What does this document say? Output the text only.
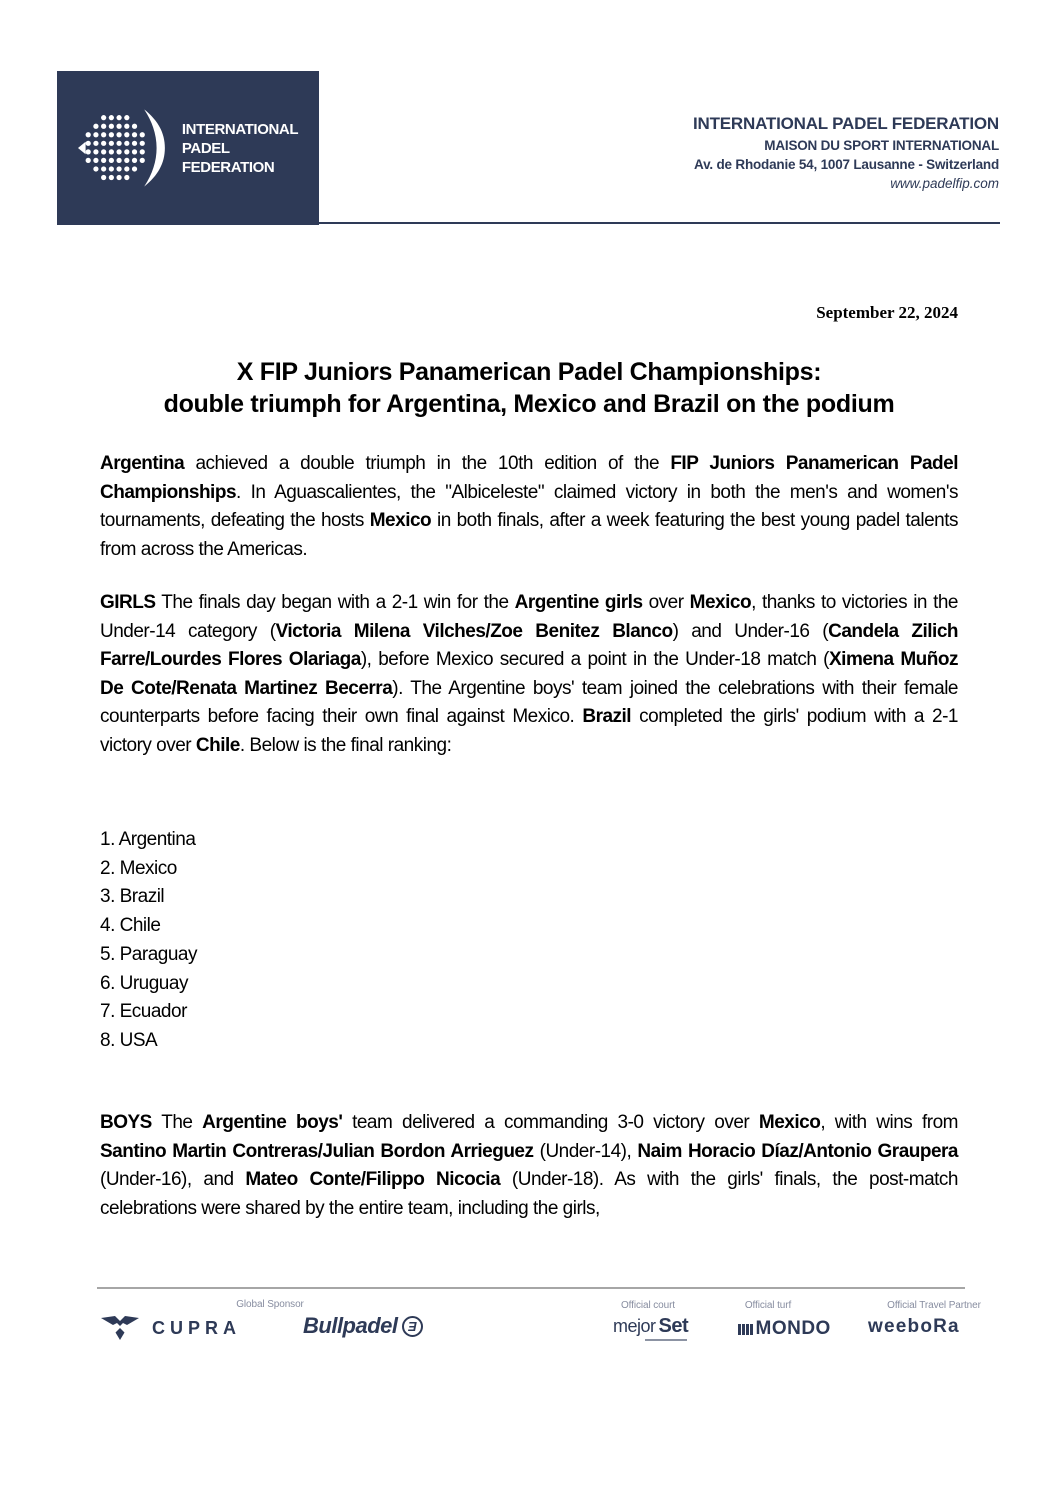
INTERNATIONAL
PADEL
FEDERATION
INTERNATIONAL PADEL FEDERATION
MAISON DU SPORT INTERNATIONAL
Av. de Rhodanie 54, 1007 Lausanne - Switzerland
www.padelfip.com
September 22, 2024
X FIP Juniors Panamerican Padel Championships:
double triumph for Argentina, Mexico and Brazil on the podium

Argentina achieved a double triumph in the 10th edition of the FIP Juniors Panamerican Padel Championships. In Aguascalientes, the "Albiceleste" claimed victory in both the men's and women's tournaments, defeating the hosts Mexico in both finals, after a week featuring the best young padel talents from across the Americas.

GIRLS The finals day began with a 2-1 win for the Argentine girls over Mexico, thanks to victories in the Under-14 category (Victoria Milena Vilches/Zoe Benitez Blanco) and Under-16 (Candela Zilich Farre/Lourdes Flores Olariaga), before Mexico secured a point in the Under-18 match (Ximena Muñoz De Cote/Renata Martinez Becerra). The Argentine boys' team joined the celebrations with their female counterparts before facing their own final against Mexico. Brazil completed the girls' podium with a 2-1 victory over Chile. Below is the final ranking:

1. Argentina
2. Mexico
3. Brazil
4. Chile
5. Paraguay
6. Uruguay
7. Ecuador
8. USA

BOYS The Argentine boys' team delivered a commanding 3-0 victory over Mexico, with wins from Santino Martin Contreras/Julian Bordon Arrieguez (Under-14), Naim Horacio Díaz/Antonio Graupera (Under-16), and Mateo Conte/Filippo Nicocia (Under-18). As with the girls' finals, the post-match celebrations were shared by the entire team, including the girls,

Global Sponsor	Official court	Official turf	Official Travel Partner
CUPRA	Bullpadel Ǝ	mejor Set	MONDO weeboRa
